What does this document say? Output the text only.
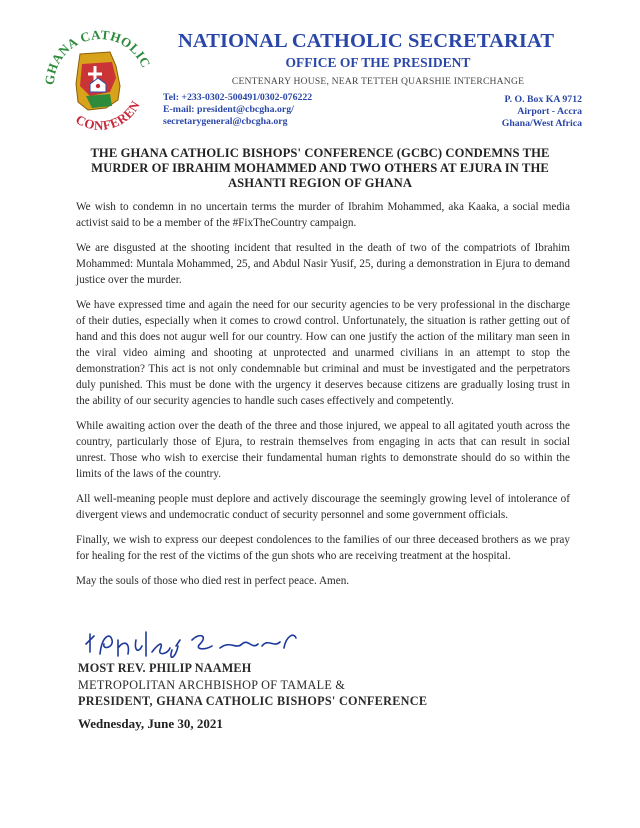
GHANA CATHOLIC
CONFEREN
NATIONAL CATHOLIC SECRETARIAT
OFFICE OF THE PRESIDENT
CENTENARY HOUSE, NEAR TETTEH QUARSHIE INTERCHANGE
Tel: +233-0302-500491/0302-076222
E-mail: president@cbcgha.org/
secretarygeneral@cbcgha.org
P. O. Box KA 9712
Airport - Accra
Ghana/West Africa
THE GHANA CATHOLIC BISHOPS' CONFERENCE (GCBC) CONDEMNS THE MURDER OF IBRAHIM MOHAMMED AND TWO OTHERS AT EJURA IN THE ASHANTI REGION OF GHANA

We wish to condemn in no uncertain terms the murder of Ibrahim Mohammed, aka Kaaka, a social media activist said to be a member of the #FixTheCountry campaign.

We are disgusted at the shooting incident that resulted in the death of two of the compatriots of Ibrahim Mohammed: Muntala Mohammed, 25, and Abdul Nasir Yusif, 25, during a demonstration in Ejura to demand justice over the murder.

We have expressed time and again the need for our security agencies to be very professional in the discharge of their duties, especially when it comes to crowd control. Unfortunately, the situation is rather getting out of hand and this does not augur well for our country. How can one justify the action of the military man seen in the viral video aiming and shooting at unprotected and unarmed civilians in an attempt to stop the demonstration? This act is not only condemnable but criminal and must be investigated and the perpetrators duly punished. This must be done with the urgency it deserves because citizens are gradually losing trust in the ability of our security agencies to handle such cases effectively and competently.

While awaiting action over the death of the three and those injured, we appeal to all agitated youth across the country, particularly those of Ejura, to restrain themselves from engaging in acts that can result in social unrest. Those who wish to exercise their fundamental human rights to demonstrate should do so within the limits of the laws of the country.

All well-meaning people must deplore and actively discourage the seemingly growing level of intolerance of divergent views and undemocratic conduct of security personnel and some government officials.

Finally, we wish to express our deepest condolences to the families of our three deceased brothers as we pray for healing for the rest of the victims of the gun shots who are receiving treatment at the hospital.

May the souls of those who died rest in perfect peace. Amen.

MOST REV. PHILIP NAAMEH
METROPOLITAN ARCHBISHOP OF TAMALE &
PRESIDENT, GHANA CATHOLIC BISHOPS' CONFERENCE
Wednesday, June 30, 2021
